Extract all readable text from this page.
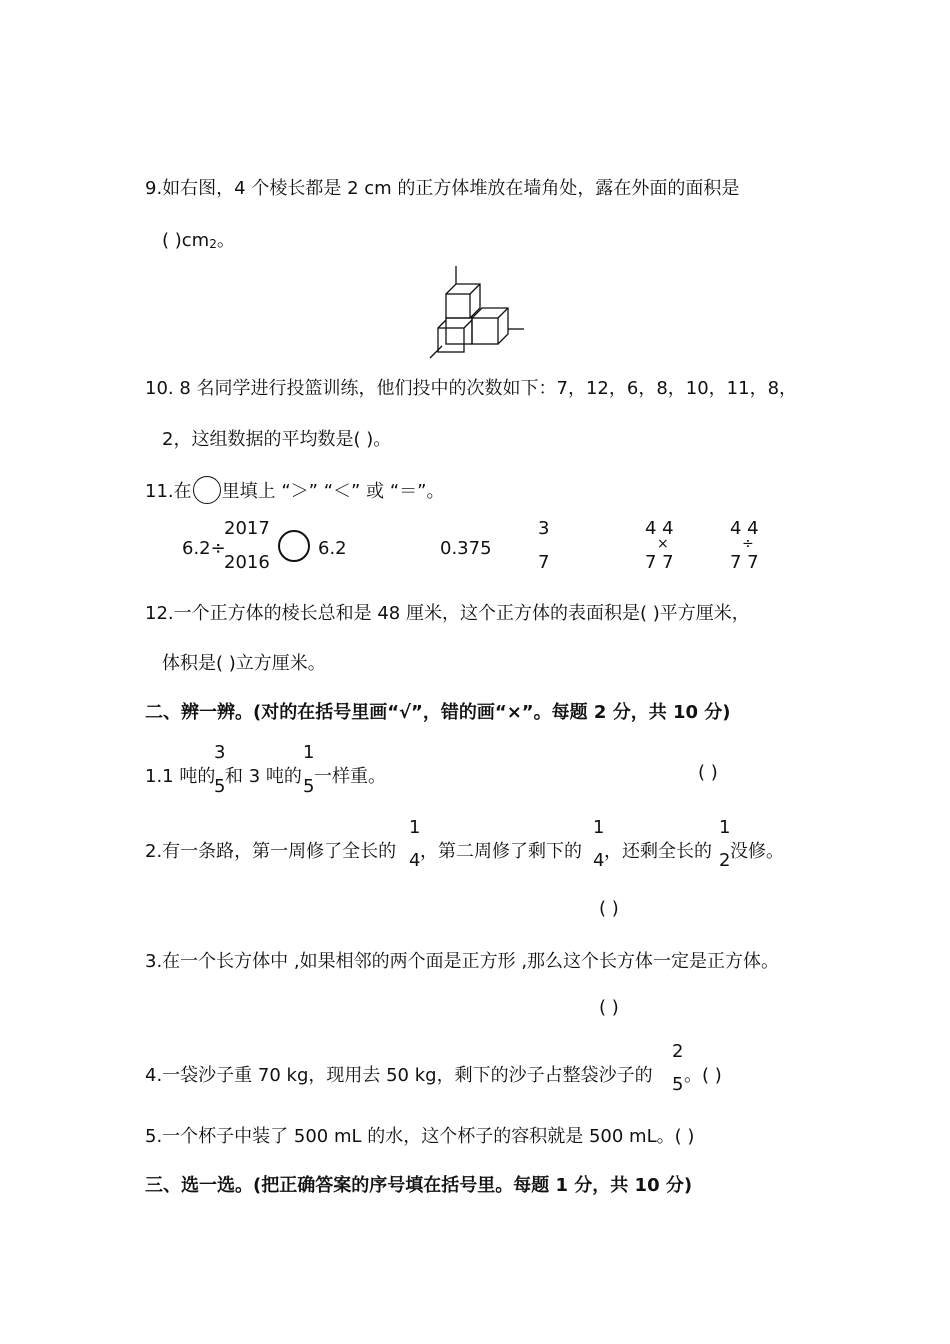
9.如右图，4 个棱长都是 2 cm 的正方体堆放在墙角处，露在外面的面积是
( )cm2。
10. 8 名同学进行投篮训练，他们投中的次数如下：7，12，6，8，10，11，8，
2，这组数据的平均数是( )。
11.在 里填上 “＞” “＜” 或 “＝”。
6.2÷
2017
2016
6.2	0.375
3
7
4 4
×
7 7
4 4
÷
7 7
12.一个正方体的棱长总和是 48 厘米，这个正方体的表面积是( )平方厘米，
体积是( )立方厘米。
二、辨一辨。(对的在括号里画“√”，错的画“×”。每题 2 分，共 10 分)
1.1 吨的
3
5 和 3 吨的
1
5 一样重。	( )
2.有一条路，第一周修了全长的
1
4 ，第二周修了剩下的
1
4 ，还剩全长的
1
2 没修。
( )
3.在一个长方体中 ,如果相邻的两个面是正方形 ,那么这个长方体一定是正方体。
( )
4.一袋沙子重 70 kg，现用去 50 kg，剩下的沙子占整袋沙子的
2
5 。( )
5.一个杯子中装了 500 mL 的水，这个杯子的容积就是 500 mL。( )
三、选一选。(把正确答案的序号填在括号里。每题 1 分，共 10 分)
